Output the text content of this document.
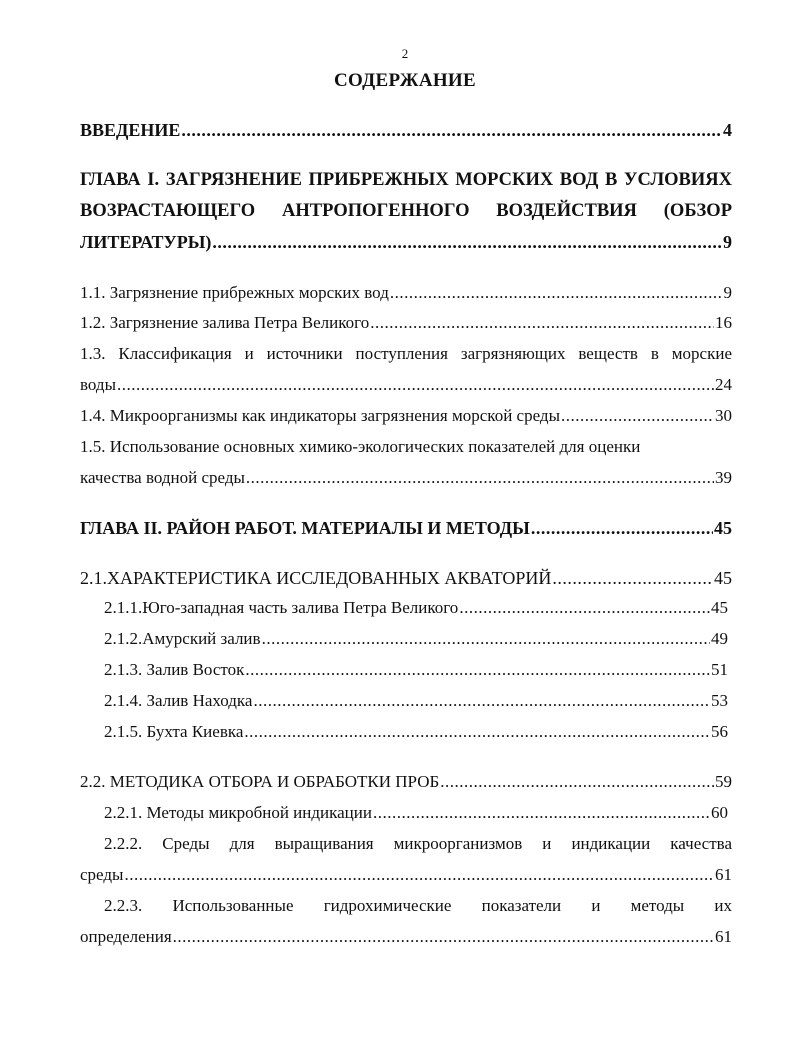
2
СОДЕРЖАНИЕ
ВВЕДЕНИЕ .....	4
ГЛАВА I. ЗАГРЯЗНЕНИЕ ПРИБРЕЖНЫХ МОРСКИХ ВОД В УСЛОВИЯХ
ВОЗРАСТАЮЩЕГО АНТРОПОГЕННОГО ВОЗДЕЙСТВИЯ (ОБЗОР
ЛИТЕРАТУРЫ) .....	9
1.1. Загрязнение прибрежных морских вод .....	9
1.2. Загрязнение залива Петра Великого .....	16
1.3. Классификация и источники поступления загрязняющих веществ в морские
воды .....	24
1.4. Микроорганизмы как индикаторы загрязнения морской среды .....	30
1.5. Использование основных химико-экологических показателей для оценки
качества водной среды .....	39
ГЛАВА II. РАЙОН РАБОТ. МАТЕРИАЛЫ И МЕТОДЫ .....	45
2.1.ХАРАКТЕРИСТИКА ИССЛЕДОВАННЫХ АКВАТОРИЙ .....	45
2.1.1.Юго-западная часть залива Петра Великого .....	45
2.1.2.Амурский залив .....	49
2.1.3. Залив Восток .....	51
2.1.4. Залив Находка .....	53
2.1.5. Бухта Киевка .....	56
2.2. МЕТОДИКА ОТБОРА И ОБРАБОТКИ ПРОБ .....	59
2.2.1. Методы микробной индикации .....	60
2.2.2. Среды для выращивания микроорганизмов и индикации качества
среды .....	61
2.2.3. Использованные гидрохимические показатели и методы их
определения .....	61
